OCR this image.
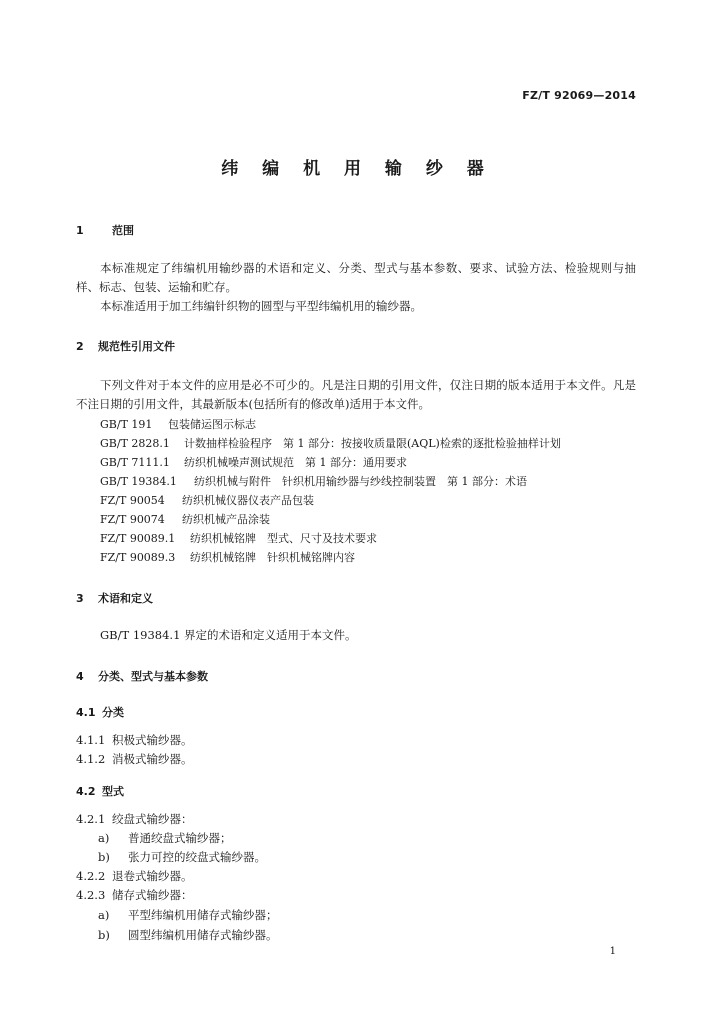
FZ/T 92069—2014
纬 编 机 用 输 纱 器
1	范围
本标准规定了纬编机用输纱器的术语和定义、分类、型式与基本参数、要求、试验方法、检验规则与抽样、标志、包装、运输和贮存。
本标准适用于加工纬编针织物的圆型与平型纬编机用的输纱器。
2 规范性引用文件
下列文件对于本文件的应用是必不可少的。凡是注日期的引用文件，仅注日期的版本适用于本文件。凡是不注日期的引用文件，其最新版本(包括所有的修改单)适用于本文件。
GB/T 191 包装储运图示标志
GB/T 2828.1 计数抽样检验程序　第 1 部分：按接收质量限(AQL)检索的逐批检验抽样计划
GB/T 7111.1 纺织机械噪声测试规范　第 1 部分：通用要求
GB/T 19384.1 纺织机械与附件　针织机用输纱器与纱线控制装置　第 1 部分：术语
FZ/T 90054 纺织机械仪器仪表产品包装
FZ/T 90074 纺织机械产品涂装
FZ/T 90089.1 纺织机械铭牌　型式、尺寸及技术要求
FZ/T 90089.3 纺织机械铭牌　针织机械铭牌内容
3 术语和定义
GB/T 19384.1 界定的术语和定义适用于本文件。
4 分类、型式与基本参数
4.1 分类
4.1.1 积极式输纱器。
4.1.2 消极式输纱器。
4.2 型式
4.2.1 绞盘式输纱器：
a) 普通绞盘式输纱器；
b) 张力可控的绞盘式输纱器。
4.2.2 退卷式输纱器。
4.2.3 储存式输纱器：
a) 平型纬编机用储存式输纱器；
b) 圆型纬编机用储存式输纱器。
1
